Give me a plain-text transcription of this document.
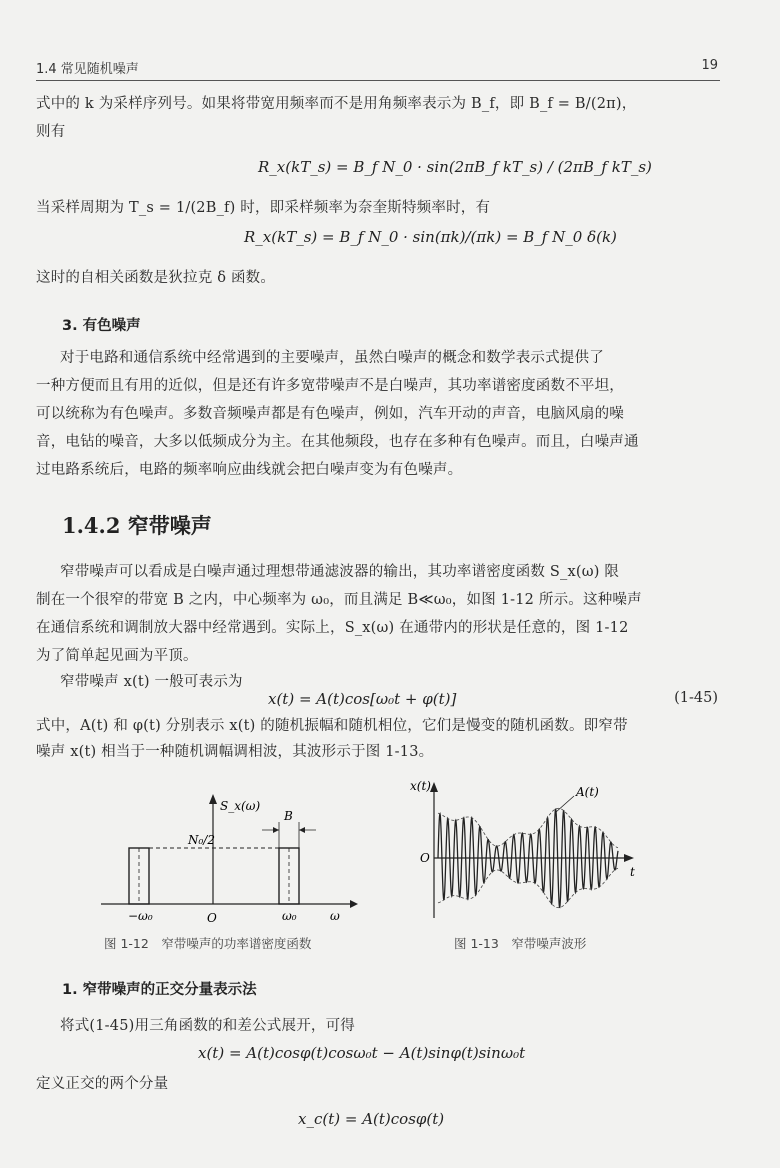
1.4 常见随机噪声	19
式中的 k 为采样序列号。如果将带宽用频率而不是用角频率表示为 B_f，即 B_f = B/(2π)，
则有
R_x(kT_s) = B_f N_0 · sin(2πB_f kT_s) / (2πB_f kT_s)
当采样周期为 T_s = 1/(2B_f) 时，即采样频率为奈奎斯特频率时，有
R_x(kT_s) = B_f N_0 · sin(πk)/(πk) = B_f N_0 δ(k)
这时的自相关函数是狄拉克 δ 函数。
3. 有色噪声
对于电路和通信系统中经常遇到的主要噪声，虽然白噪声的概念和数学表示式提供了
一种方便而且有用的近似，但是还有许多宽带噪声不是白噪声，其功率谱密度函数不平坦，
可以统称为有色噪声。多数音频噪声都是有色噪声，例如，汽车开动的声音，电脑风扇的噪
音，电钻的噪音，大多以低频成分为主。在其他频段，也存在多种有色噪声。而且，白噪声通
过电路系统后，电路的频率响应曲线就会把白噪声变为有色噪声。
1.4.2 窄带噪声
窄带噪声可以看成是白噪声通过理想带通滤波器的输出，其功率谱密度函数 S_x(ω) 限
制在一个很窄的带宽 B 之内，中心频率为 ω₀，而且满足 B≪ω₀，如图 1-12 所示。这种噪声
在通信系统和调制放大器中经常遇到。实际上，S_x(ω) 在通带内的形状是任意的，图 1-12
为了简单起见画为平顶。
窄带噪声 x(t) 一般可表示为
x(t) = A(t)cos[ω₀t + φ(t)]	(1-45)
式中，A(t) 和 φ(t) 分别表示 x(t) 的随机振幅和随机相位，它们是慢变的随机函数。即窄带
噪声 x(t) 相当于一种随机调幅调相波，其波形示于图 1-13。
S_x(ω)
N₀/2
B
−ω₀	O	ω₀	ω
图 1-12　窄带噪声的功率谱密度函数
x(t)	A(t)
O
t
图 1-13　窄带噪声波形
1. 窄带噪声的正交分量表示法
将式(1-45)用三角函数的和差公式展开，可得
x(t) = A(t)cosφ(t)cosω₀t − A(t)sinφ(t)sinω₀t
定义正交的两个分量
x_c(t) = A(t)cosφ(t)
